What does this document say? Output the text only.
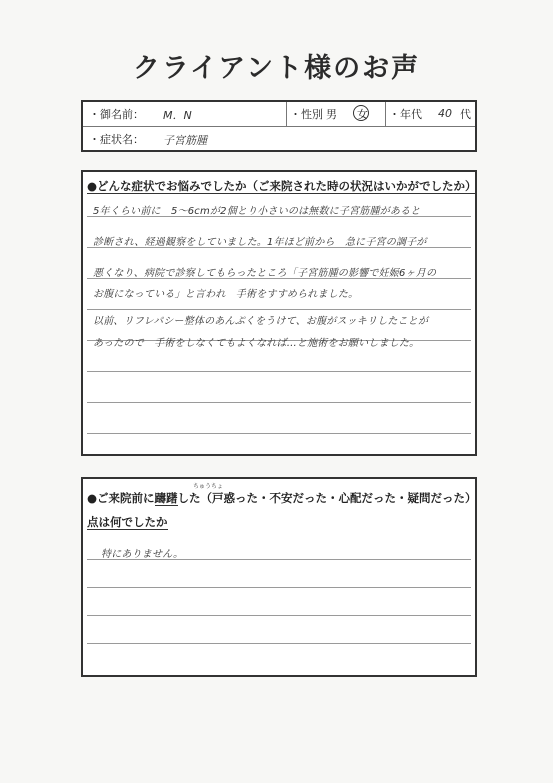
クライアント様のお声
・御名前： M．N	・性別 男 女 ・年代 40 代
・症状名： 子宮筋腫
●どんな症状でお悩みでしたか（ご来院された時の状況はいかがでしたか）
5年くらい前に　5～6cmが2個とり小さいのは無数に子宮筋腫があると
診断され、経過観察をしていました。1年ほど前から　急に子宮の調子が
悪くなり、病院で診察してもらったところ「子宮筋腫の影響で妊娠6ヶ月の
お腹になっている」と言われ　手術をすすめられました。
以前、リフレパシー整体のあんぷくをうけて、お腹がスッキリしたことが
あったので　手術をしなくてもよくなれば…と施術をお願いしました。
ちゅうちょ
●ご来院前に躊躇した（戸惑った・不安だった・心配だった・疑問だった）
点は何でしたか
特にありません。
